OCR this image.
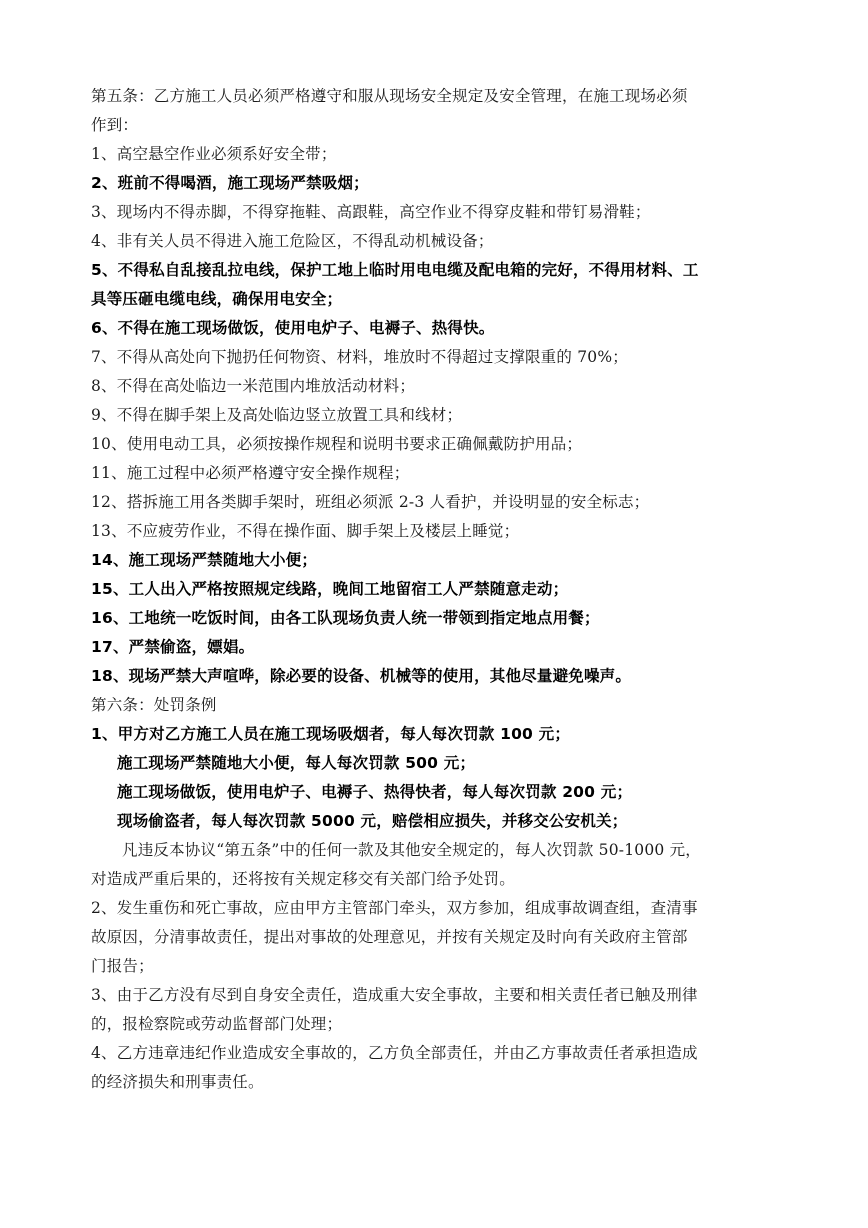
第五条：乙方施工人员必须严格遵守和服从现场安全规定及安全管理，在施工现场必须
作到：
1、高空悬空作业必须系好安全带；
2、班前不得喝酒，施工现场严禁吸烟；
3、现场内不得赤脚，不得穿拖鞋、高跟鞋，高空作业不得穿皮鞋和带钉易滑鞋；
4、非有关人员不得进入施工危险区，不得乱动机械设备；
5、不得私自乱接乱拉电线，保护工地上临时用电电缆及配电箱的完好，不得用材料、工
具等压砸电缆电线，确保用电安全；
6、不得在施工现场做饭，使用电炉子、电褥子、热得快。
7、不得从高处向下抛扔任何物资、材料，堆放时不得超过支撑限重的 70%；
8、不得在高处临边一米范围内堆放活动材料；
9、不得在脚手架上及高处临边竖立放置工具和线材；
10、使用电动工具，必须按操作规程和说明书要求正确佩戴防护用品；
11、施工过程中必须严格遵守安全操作规程；
12、搭拆施工用各类脚手架时，班组必须派 2-3 人看护，并设明显的安全标志；
13、不应疲劳作业，不得在操作面、脚手架上及楼层上睡觉；
14、施工现场严禁随地大小便；
15、工人出入严格按照规定线路，晚间工地留宿工人严禁随意走动；
16、工地统一吃饭时间，由各工队现场负责人统一带领到指定地点用餐；
17、严禁偷盗，嫖娼。
18、现场严禁大声喧哗，除必要的设备、机械等的使用，其他尽量避免噪声。
第六条：处罚条例
1、甲方对乙方施工人员在施工现场吸烟者，每人每次罚款 100 元；
施工现场严禁随地大小便，每人每次罚款 500 元；
施工现场做饭，使用电炉子、电褥子、热得快者，每人每次罚款 200 元；
现场偷盗者，每人每次罚款 5000 元，赔偿相应损失，并移交公安机关；
凡违反本协议“第五条”中的任何一款及其他安全规定的，每人次罚款 50-1000 元，
对造成严重后果的，还将按有关规定移交有关部门给予处罚。
2、发生重伤和死亡事故，应由甲方主管部门牵头，双方参加，组成事故调查组，查清事
故原因，分清事故责任，提出对事故的处理意见，并按有关规定及时向有关政府主管部
门报告；
3、由于乙方没有尽到自身安全责任，造成重大安全事故，主要和相关责任者已触及刑律
的，报检察院或劳动监督部门处理；
4、乙方违章违纪作业造成安全事故的，乙方负全部责任，并由乙方事故责任者承担造成
的经济损失和刑事责任。
